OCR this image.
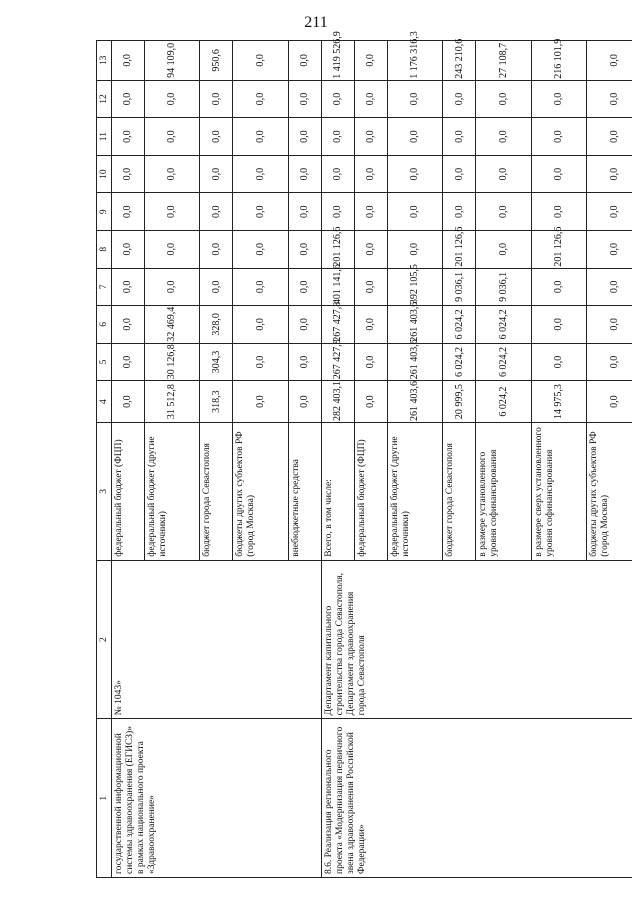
211
1	2	3	4	5	6	7	8	9	10	11	12	13
государственной информационной системы здравоохранения (ЕГИСЗ)» в рамках национального проекта «Здравоохранение»	№ 1043»	федеральный бюджет (ФЦП)	0,0	0,0	0,0	0,0	0,0	0,0	0,0	0,0	0,0	0,0
		федеральный бюджет (другие источники)	31 512,8	30 126,8	32 469,4	0,0	0,0	0,0	0,0	0,0	0,0	94 109,0
		бюджет города Севастополя	318,3	304,3	328,0	0,0	0,0	0,0	0,0	0,0	0,0	950,6
		бюджеты других субъектов РФ (город Москва)	0,0	0,0	0,0	0,0	0,0	0,0	0,0	0,0	0,0	0,0
		внебюджетные средства	0,0	0,0	0,0	0,0	0,0	0,0	0,0	0,0	0,0	0,0
8.6. Реализация регионального проекта «Модернизация первичного звена здравоохранения Российской Федерации»	Департамент капитального строительства города Севастополя, Департамент здравоохранения города Севастополя	Всего, в том числе:	282 403,1	267 427,8	267 427,8	401 141,6	201 126,6	0,0	0,0	0,0	0,0	1 419 526,9
		федеральный бюджет (ФЦП)	0,0	0,0	0,0	0,0	0,0	0,0	0,0	0,0	0,0	0,0
		федеральный бюджет (другие источники)	261 403,6	261 403,6	261 403,6	392 105,5	0,0	0,0	0,0	0,0	0,0	1 176 316,3
		бюджет города Севастополя	20 999,5	6 024,2	6 024,2	9 036,1	201 126,6	0,0	0,0	0,0	0,0	243 210,6
		в размере установленного уровня софинансирования	6 024,2	6 024,2	6 024,2	9 036,1	0,0	0,0	0,0	0,0	0,0	27 108,7
		в размере сверх установленного уровня софинансирования	14 975,3	0,0	0,0	0,0	201 126,6	0,0	0,0	0,0	0,0	216 101,9
		бюджеты других субъектов РФ (город Москва)	0,0	0,0	0,0	0,0	0,0	0,0	0,0	0,0	0,0	0,0
